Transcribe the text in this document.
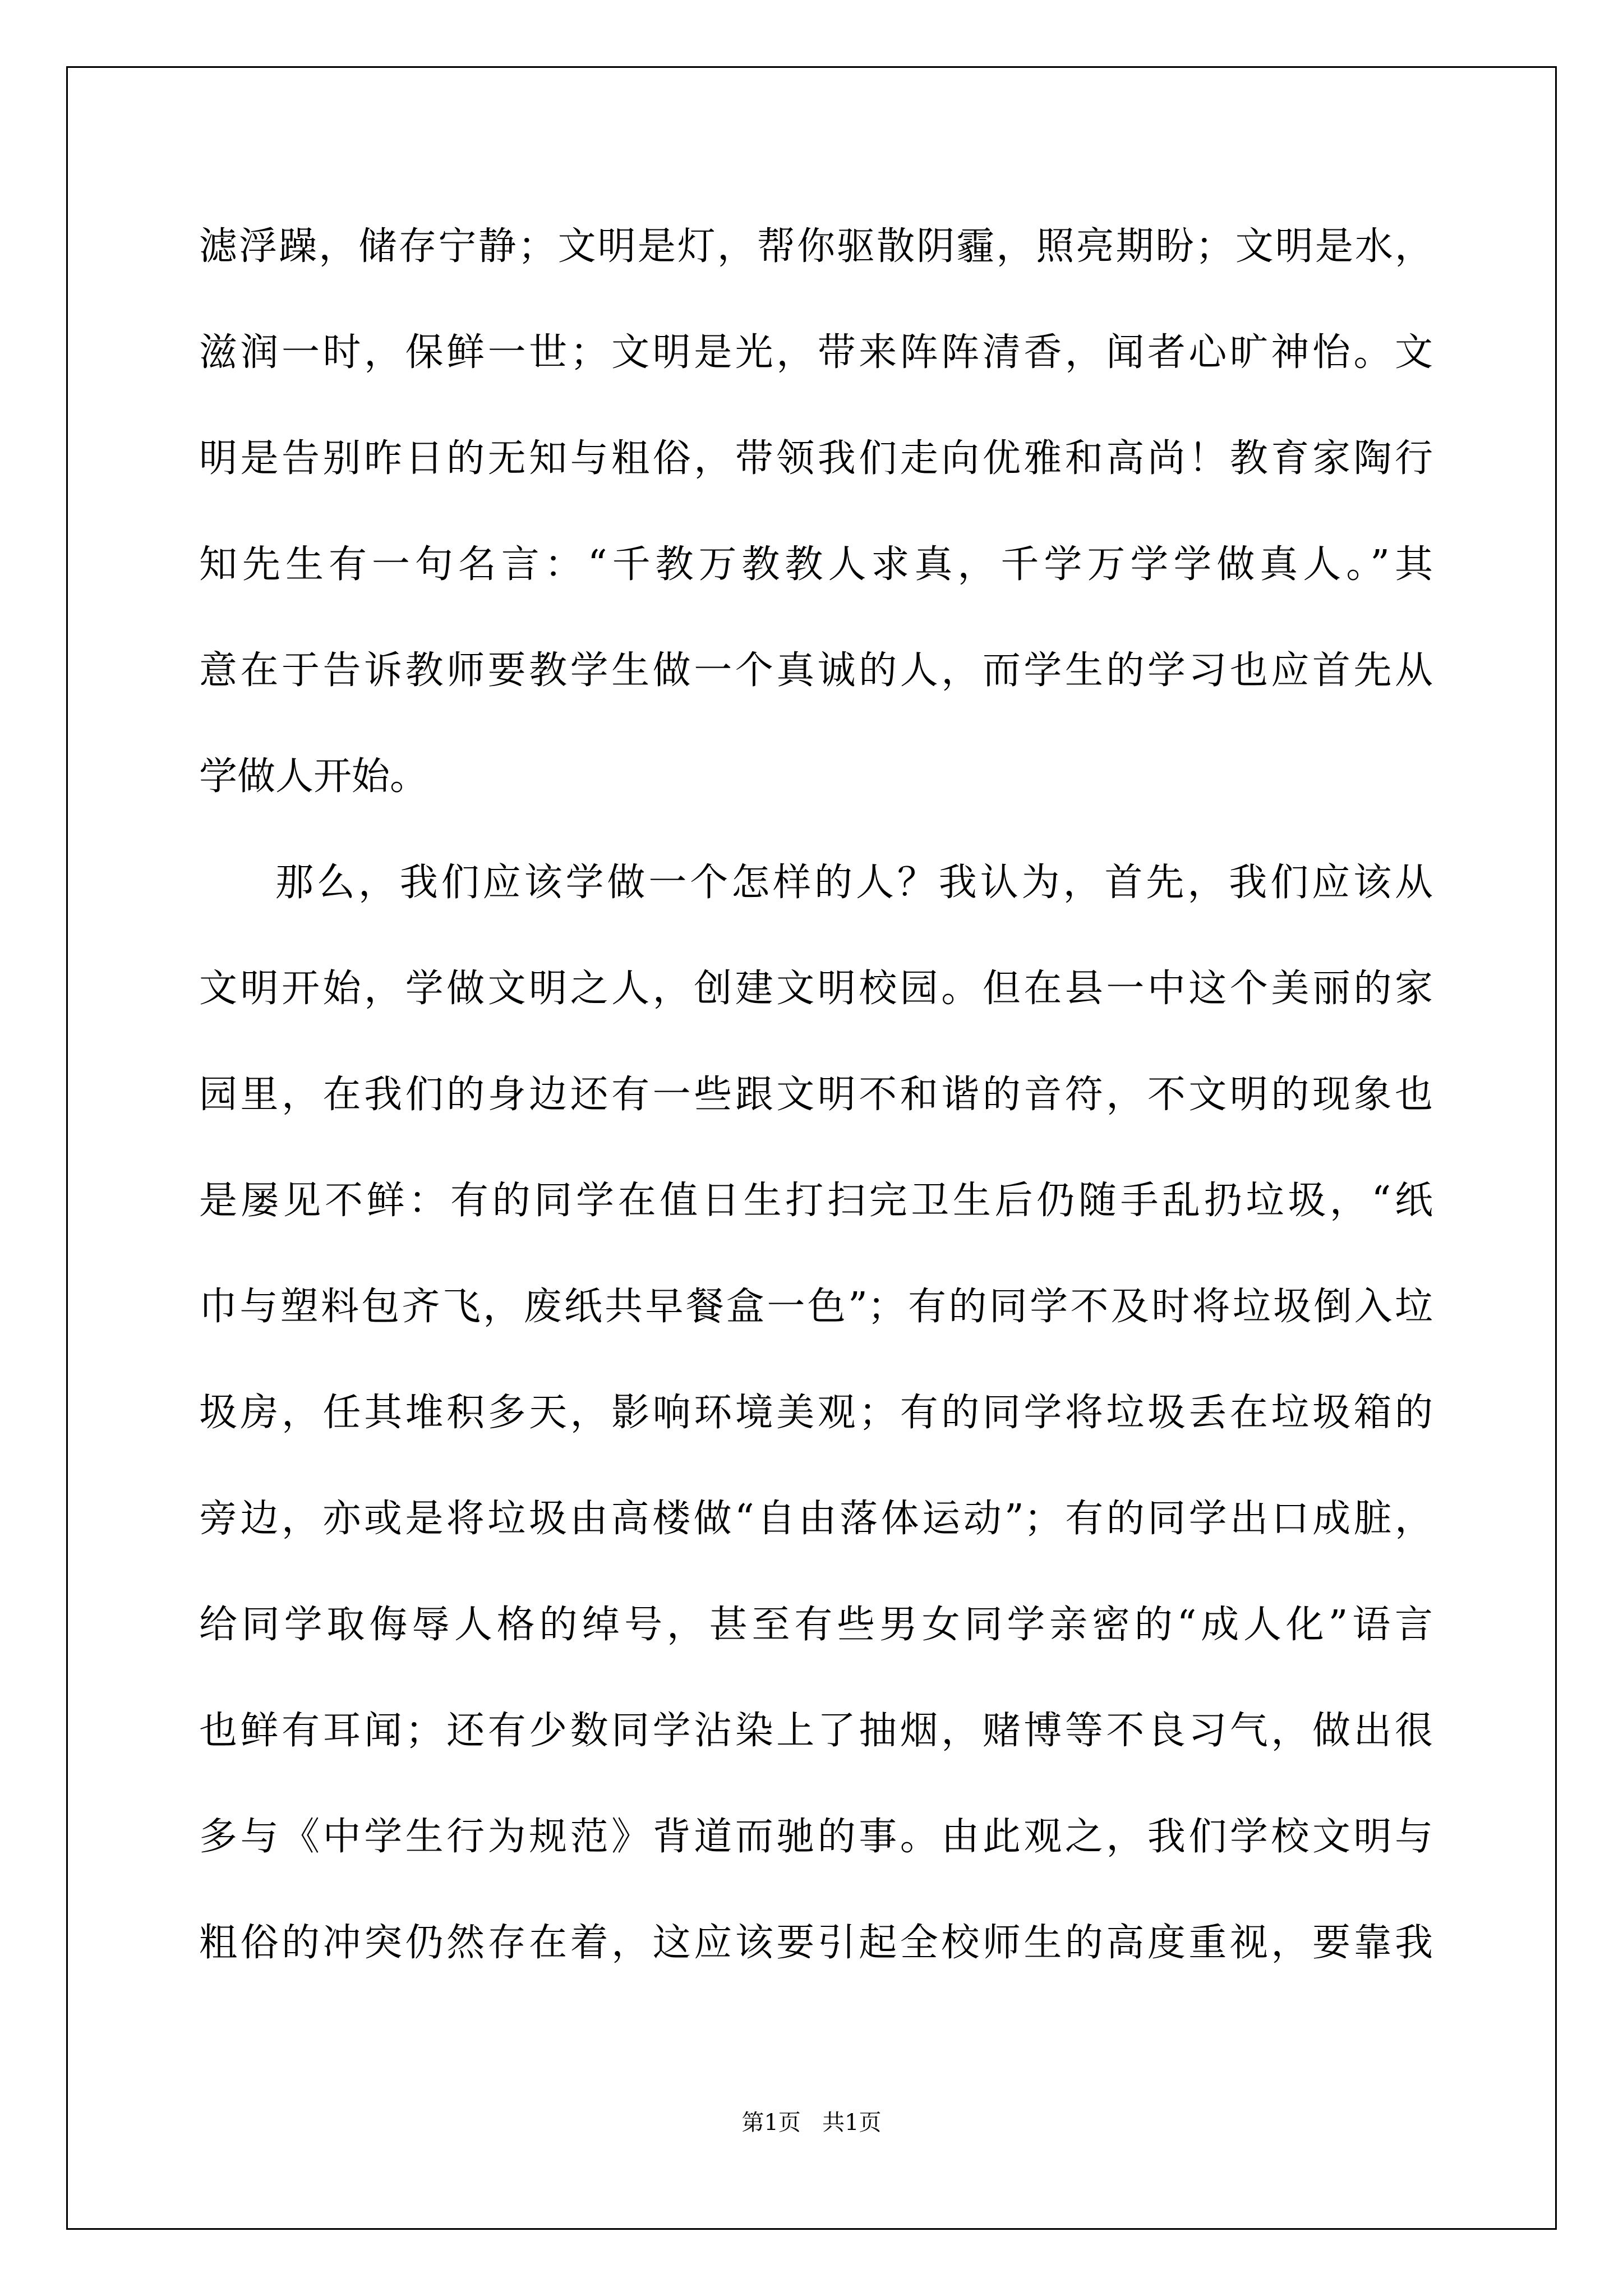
滤浮躁，储存宁静；文明是灯，帮你驱散阴霾，照亮期盼；文明是水，
滋润一时，保鲜一世；文明是光，带来阵阵清香，闻者心旷神怡。文
明是告别昨日的无知与粗俗，带领我们走向优雅和高尚！教育家陶行
知先生有一句名言：“千教万教教人求真，千学万学学做真人。”其
意在于告诉教师要教学生做一个真诚的人，而学生的学习也应首先从
学做人开始。
那么，我们应该学做一个怎样的人？我认为，首先，我们应该从
文明开始，学做文明之人，创建文明校园。但在县一中这个美丽的家
园里，在我们的身边还有一些跟文明不和谐的音符，不文明的现象也
是屡见不鲜：有的同学在值日生打扫完卫生后仍随手乱扔垃圾，“纸
巾与塑料包齐飞，废纸共早餐盒一色”；有的同学不及时将垃圾倒入垃
圾房，任其堆积多天，影响环境美观；有的同学将垃圾丢在垃圾箱的
旁边，亦或是将垃圾由高楼做“自由落体运动”；有的同学出口成脏，
给同学取侮辱人格的绰号，甚至有些男女同学亲密的“成人化”语言
也鲜有耳闻；还有少数同学沾染上了抽烟，赌博等不良习气，做出很
多与《中学生行为规范》背道而驰的事。由此观之，我们学校文明与
粗俗的冲突仍然存在着，这应该要引起全校师生的高度重视，要靠我
第1页 共1页
